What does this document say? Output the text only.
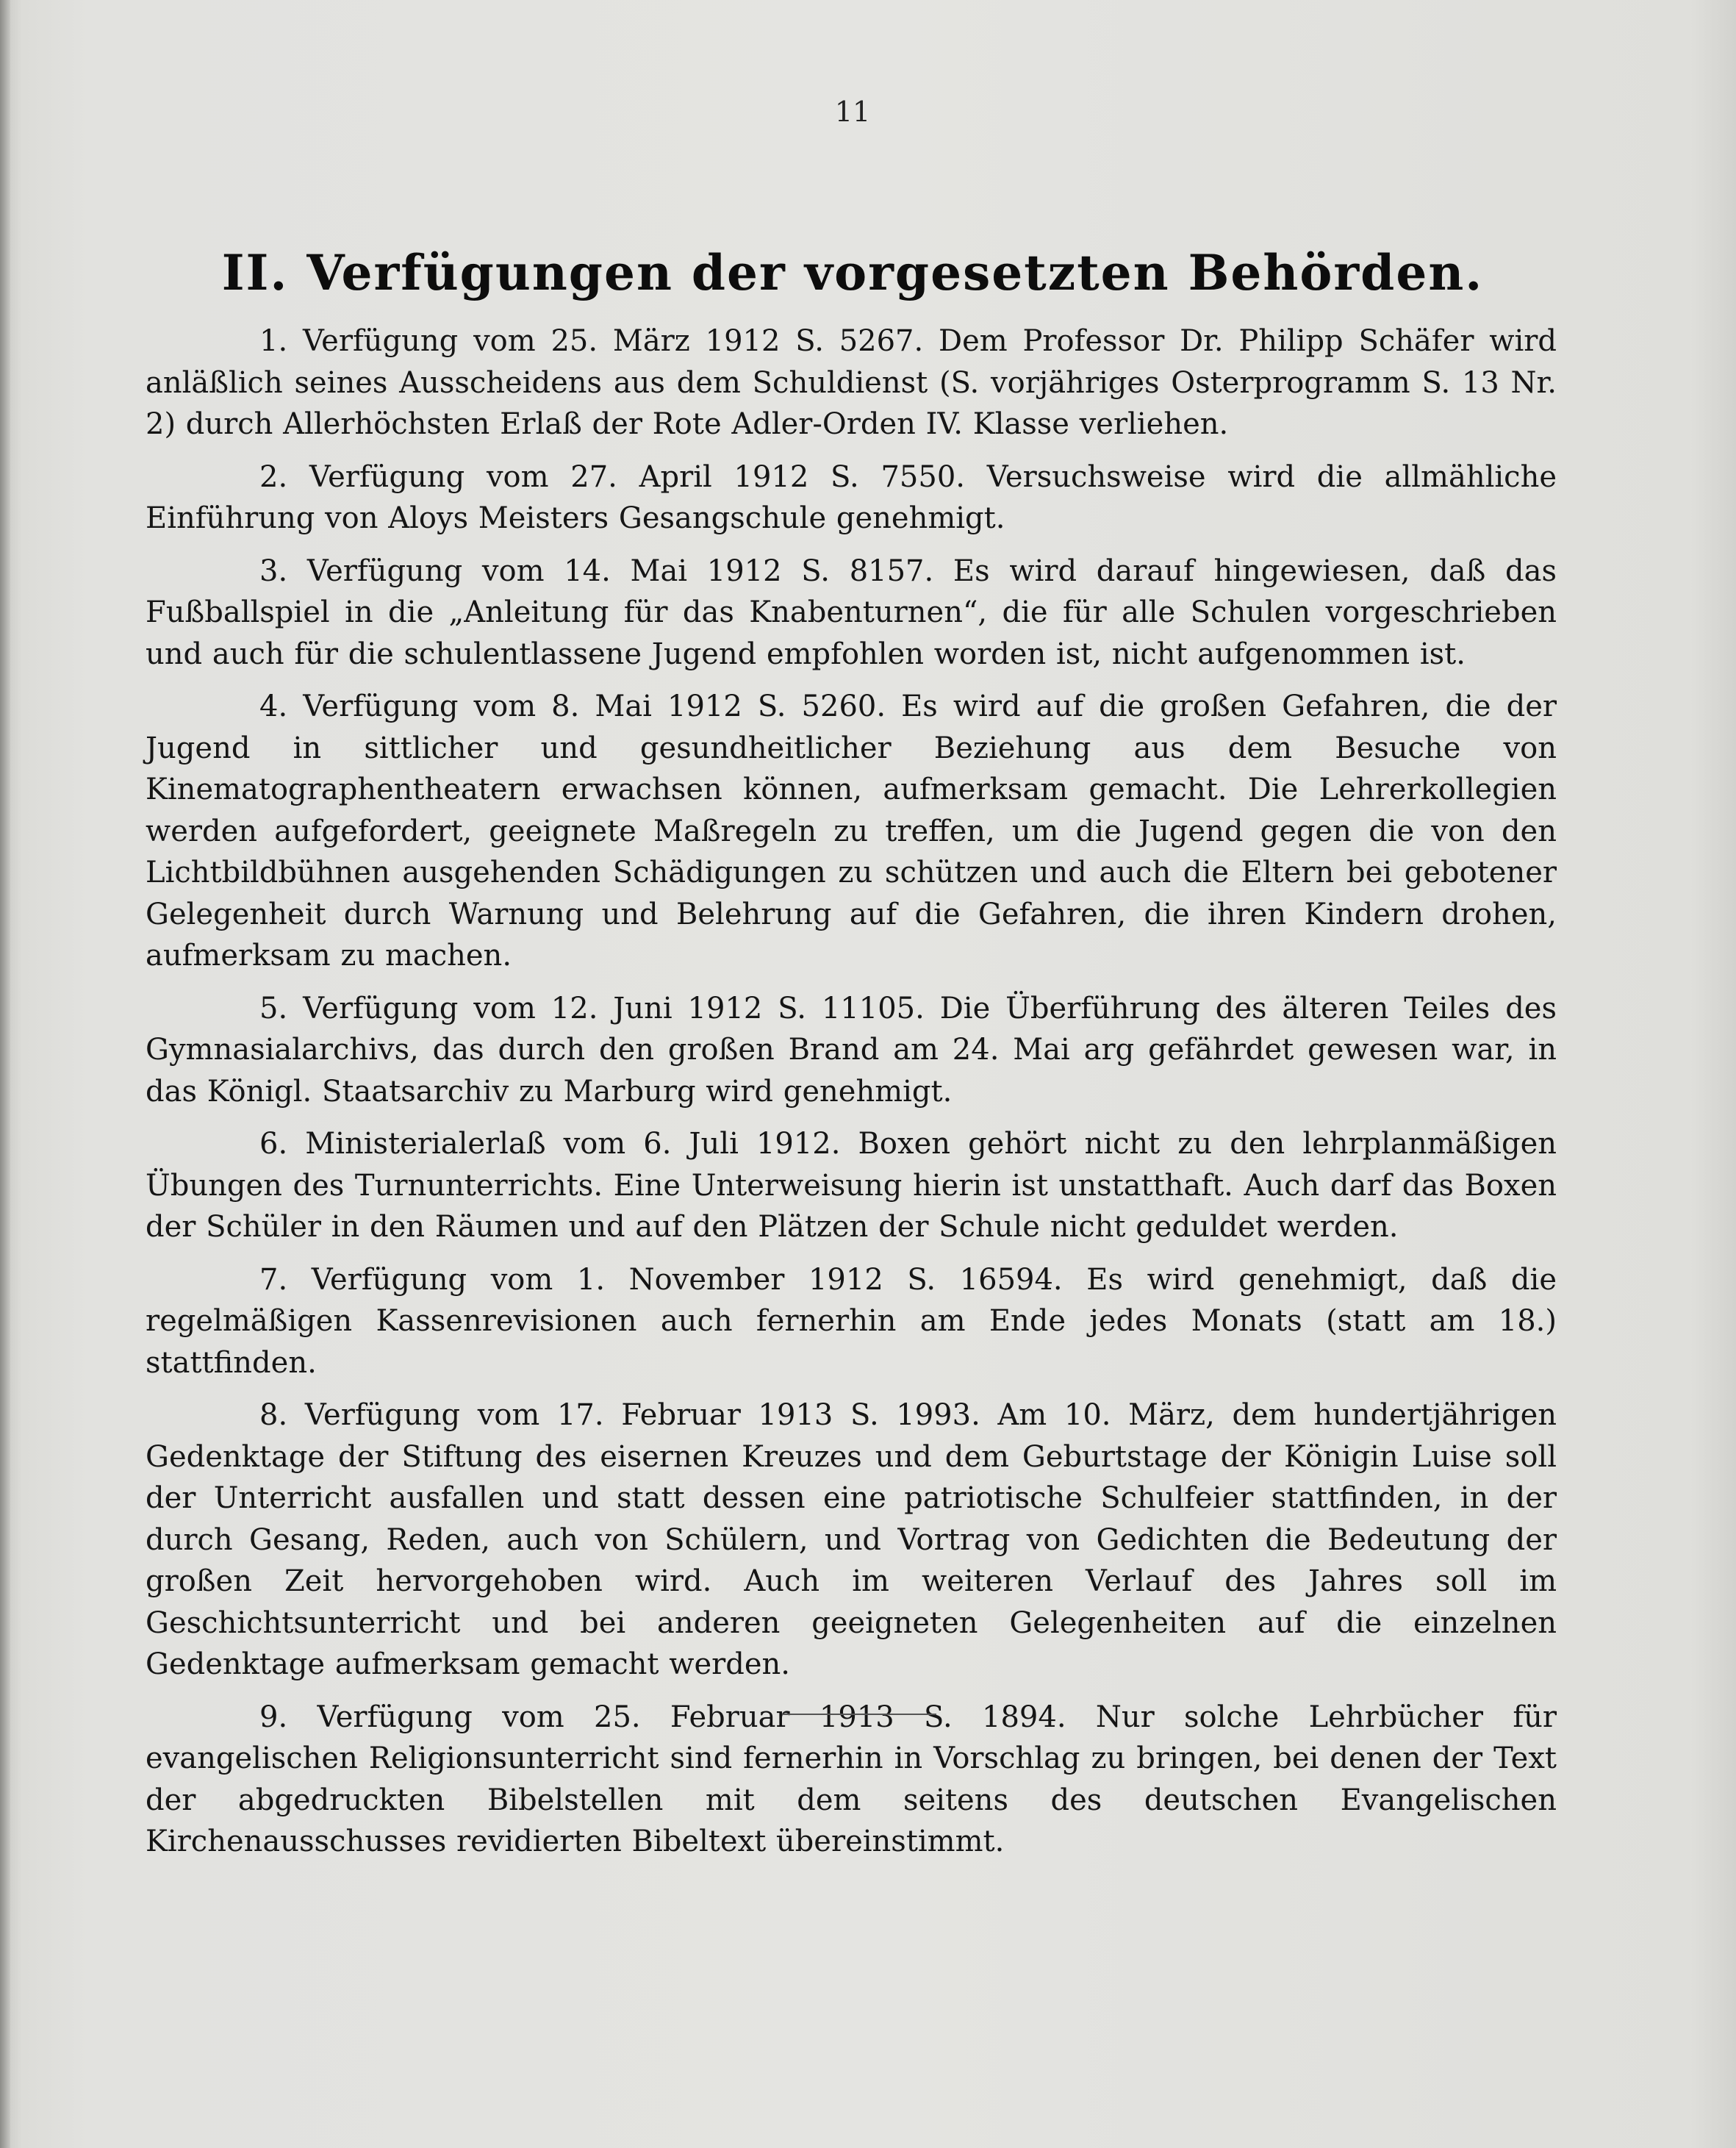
11
II. Verfügungen der vorgesetzten Behörden.

1. Verfügung vom 25. März 1912 S. 5267. Dem Professor Dr. Philipp Schäfer wird anläßlich seines Ausscheidens aus dem Schuldienst (S. vorjähriges Osterprogramm S. 13 Nr. 2) durch Allerhöchsten Erlaß der Rote Adler-Orden IV. Klasse verliehen.

2. Verfügung vom 27. April 1912 S. 7550. Versuchsweise wird die allmähliche Einführung von Aloys Meisters Gesangschule genehmigt.

3. Verfügung vom 14. Mai 1912 S. 8157. Es wird darauf hingewiesen, daß das Fußballspiel in die „Anleitung für das Knabenturnen“, die für alle Schulen vorgeschrieben und auch für die schulentlassene Jugend empfohlen worden ist, nicht aufgenommen ist.

4. Verfügung vom 8. Mai 1912 S. 5260. Es wird auf die großen Gefahren, die der Jugend in sittlicher und gesundheitlicher Beziehung aus dem Besuche von Kinematographentheatern erwachsen können, aufmerksam gemacht. Die Lehrerkollegien werden aufgefordert, geeignete Maßregeln zu treffen, um die Jugend gegen die von den Lichtbildbühnen ausgehenden Schädigungen zu schützen und auch die Eltern bei gebotener Gelegenheit durch Warnung und Belehrung auf die Gefahren, die ihren Kindern drohen, aufmerksam zu machen.

5. Verfügung vom 12. Juni 1912 S. 11105. Die Überführung des älteren Teiles des Gymnasialarchivs, das durch den großen Brand am 24. Mai arg gefährdet gewesen war, in das Königl. Staatsarchiv zu Marburg wird genehmigt.

6. Ministerialerlaß vom 6. Juli 1912. Boxen gehört nicht zu den lehrplanmäßigen Übungen des Turnunterrichts. Eine Unterweisung hierin ist unstatthaft. Auch darf das Boxen der Schüler in den Räumen und auf den Plätzen der Schule nicht geduldet werden.

7. Verfügung vom 1. November 1912 S. 16594. Es wird genehmigt, daß die regelmäßigen Kassenrevisionen auch fernerhin am Ende jedes Monats (statt am 18.) stattfinden.

8. Verfügung vom 17. Februar 1913 S. 1993. Am 10. März, dem hundertjährigen Gedenktage der Stiftung des eisernen Kreuzes und dem Geburtstage der Königin Luise soll der Unterricht ausfallen und statt dessen eine patriotische Schulfeier stattfinden, in der durch Gesang, Reden, auch von Schülern, und Vortrag von Gedichten die Bedeutung der großen Zeit hervorgehoben wird. Auch im weiteren Verlauf des Jahres soll im Geschichtsunterricht und bei anderen geeigneten Gelegenheiten auf die einzelnen Gedenktage aufmerksam gemacht werden.

9. Verfügung vom 25. Februar 1913 S. 1894. Nur solche Lehrbücher für evangelischen Religionsunterricht sind fernerhin in Vorschlag zu bringen, bei denen der Text der abgedruckten Bibelstellen mit dem seitens des deutschen Evangelischen Kirchenausschusses revidierten Bibeltext übereinstimmt.
